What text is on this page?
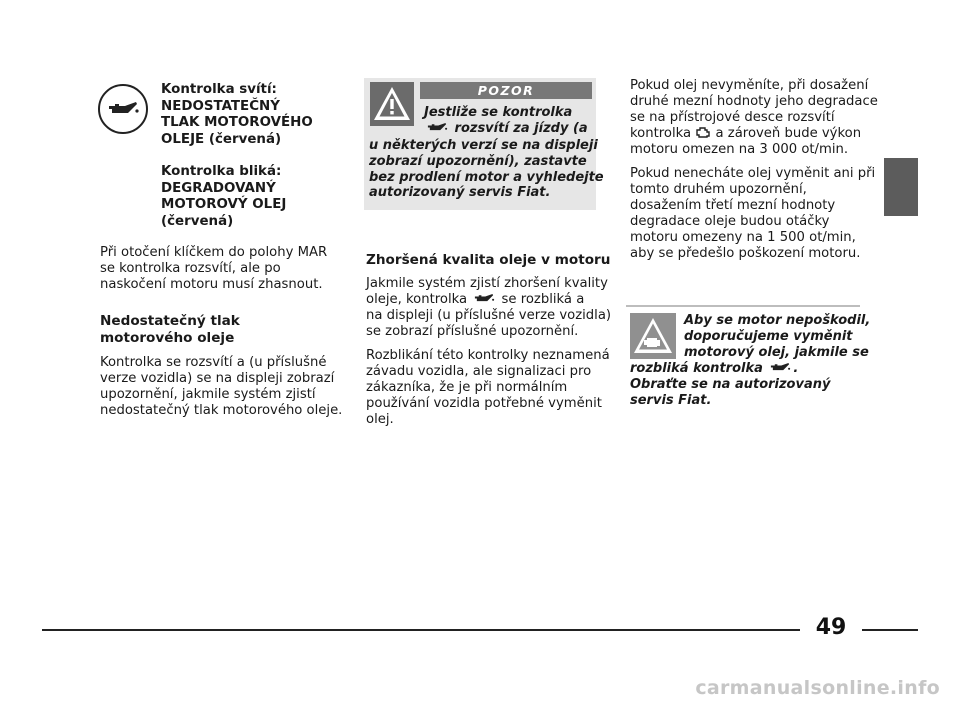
Kontrolka svítí:

NEDOSTATEČNÝ

TLAK MOTOROVÉHO

OLEJE (červená)

Kontrolka bliká:

DEGRADOVANÝ

MOTOROVÝ OLEJ

(červená)

Při otočení klíčkem do polohy MAR

se kontrolka rozsvítí, ale po

naskočení motoru musí zhasnout.

Nedostatečný tlak

motorového oleje

Kontrolka se rozsvítí a (u příslušné

verze vozidla) se na displeji zobrazí

upozornění, jakmile systém zjistí

nedostatečný tlak motorového oleje.

POZOR
Jestliže se kontrolka
rozsvítí za jízdy (a

u některých verzí se na displeji

zobrazí upozornění), zastavte

bez prodlení motor a vyhledejte

autorizovaný servis Fiat.

Zhoršená kvalita oleje v motoru

Jakmile systém zjistí zhoršení kvality

oleje, kontrolka	se rozbliká a

na displeji (u příslušné verze vozidla)

se zobrazí příslušné upozornění.

Rozblikání této kontrolky neznamená

závadu vozidla, ale signalizaci pro

zákazníka, že je při normálním

používání vozidla potřebné vyměnit

olej.

Pokud olej nevyměníte, při dosažení

druhé mezní hodnoty jeho degradace

se na přístrojové desce rozsvítí

kontrolka a zároveň bude výkon

motoru omezen na 3 000 ot/min.

Pokud nenecháte olej vyměnit ani při

tomto druhém upozornění,

dosažením třetí mezní hodnoty

degradace oleje budou otáčky

motoru omezeny na 1 500 ot/min,

aby se předešlo poškození motoru.

Aby se motor nepoškodil,

doporučujeme vyměnit

motorový olej, jakmile se

rozbliká kontrolka .

Obraťte se na autorizovaný

servis Fiat.

49
carmanualsonline.info
